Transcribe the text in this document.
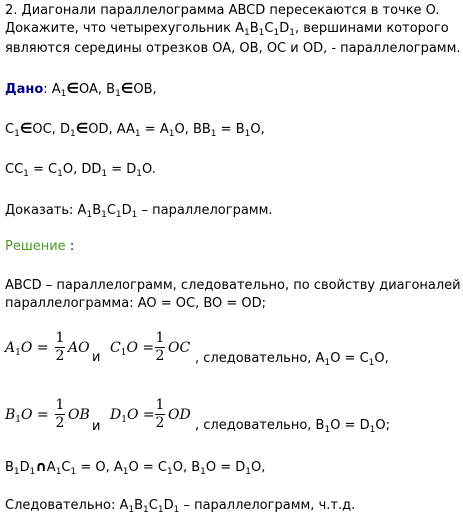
2. Диагонали параллелограмма ABCD пересекаются в точке O.
Докажите, что четырехугольник $A_1B_1C_1D_1$, вершинами которого
являются середины отрезков OA, OB, OC и OD, - параллелограмм.
Дано: $A_1\in OA$, $B_1\in OB$,
$C_1\in OC$, $D_1\in OD$, $AA_1 = A_1O$, $BB_1 = B_1O$,
$CC_1 = C_1O$, $DD_1 = D_1O$.
Доказать: $A_1B_1C_1D_1$ – параллелограмм.
Решение :
ABCD – параллелограмм, следовательно, по свойству диагоналей
параллелограмма: AO = OC, BO = OD;
$A_1O$ =
1
2 AO
и
$C_1O$ =
1
2 OC
, следовательно, $A_1O = C_1O$,
$B_1O$ =
1
2 OB
и
$D_1O$ =
1
2 OD
, следовательно, $B_1O = D_1O$;
$B_1D_1\cap A_1C_1 = O$, $A_1O = C_1O$, $B_1O = D_1O$,
Следовательно: $A_1B_1C_1D_1$ – параллелограмм, ч.т.д.
